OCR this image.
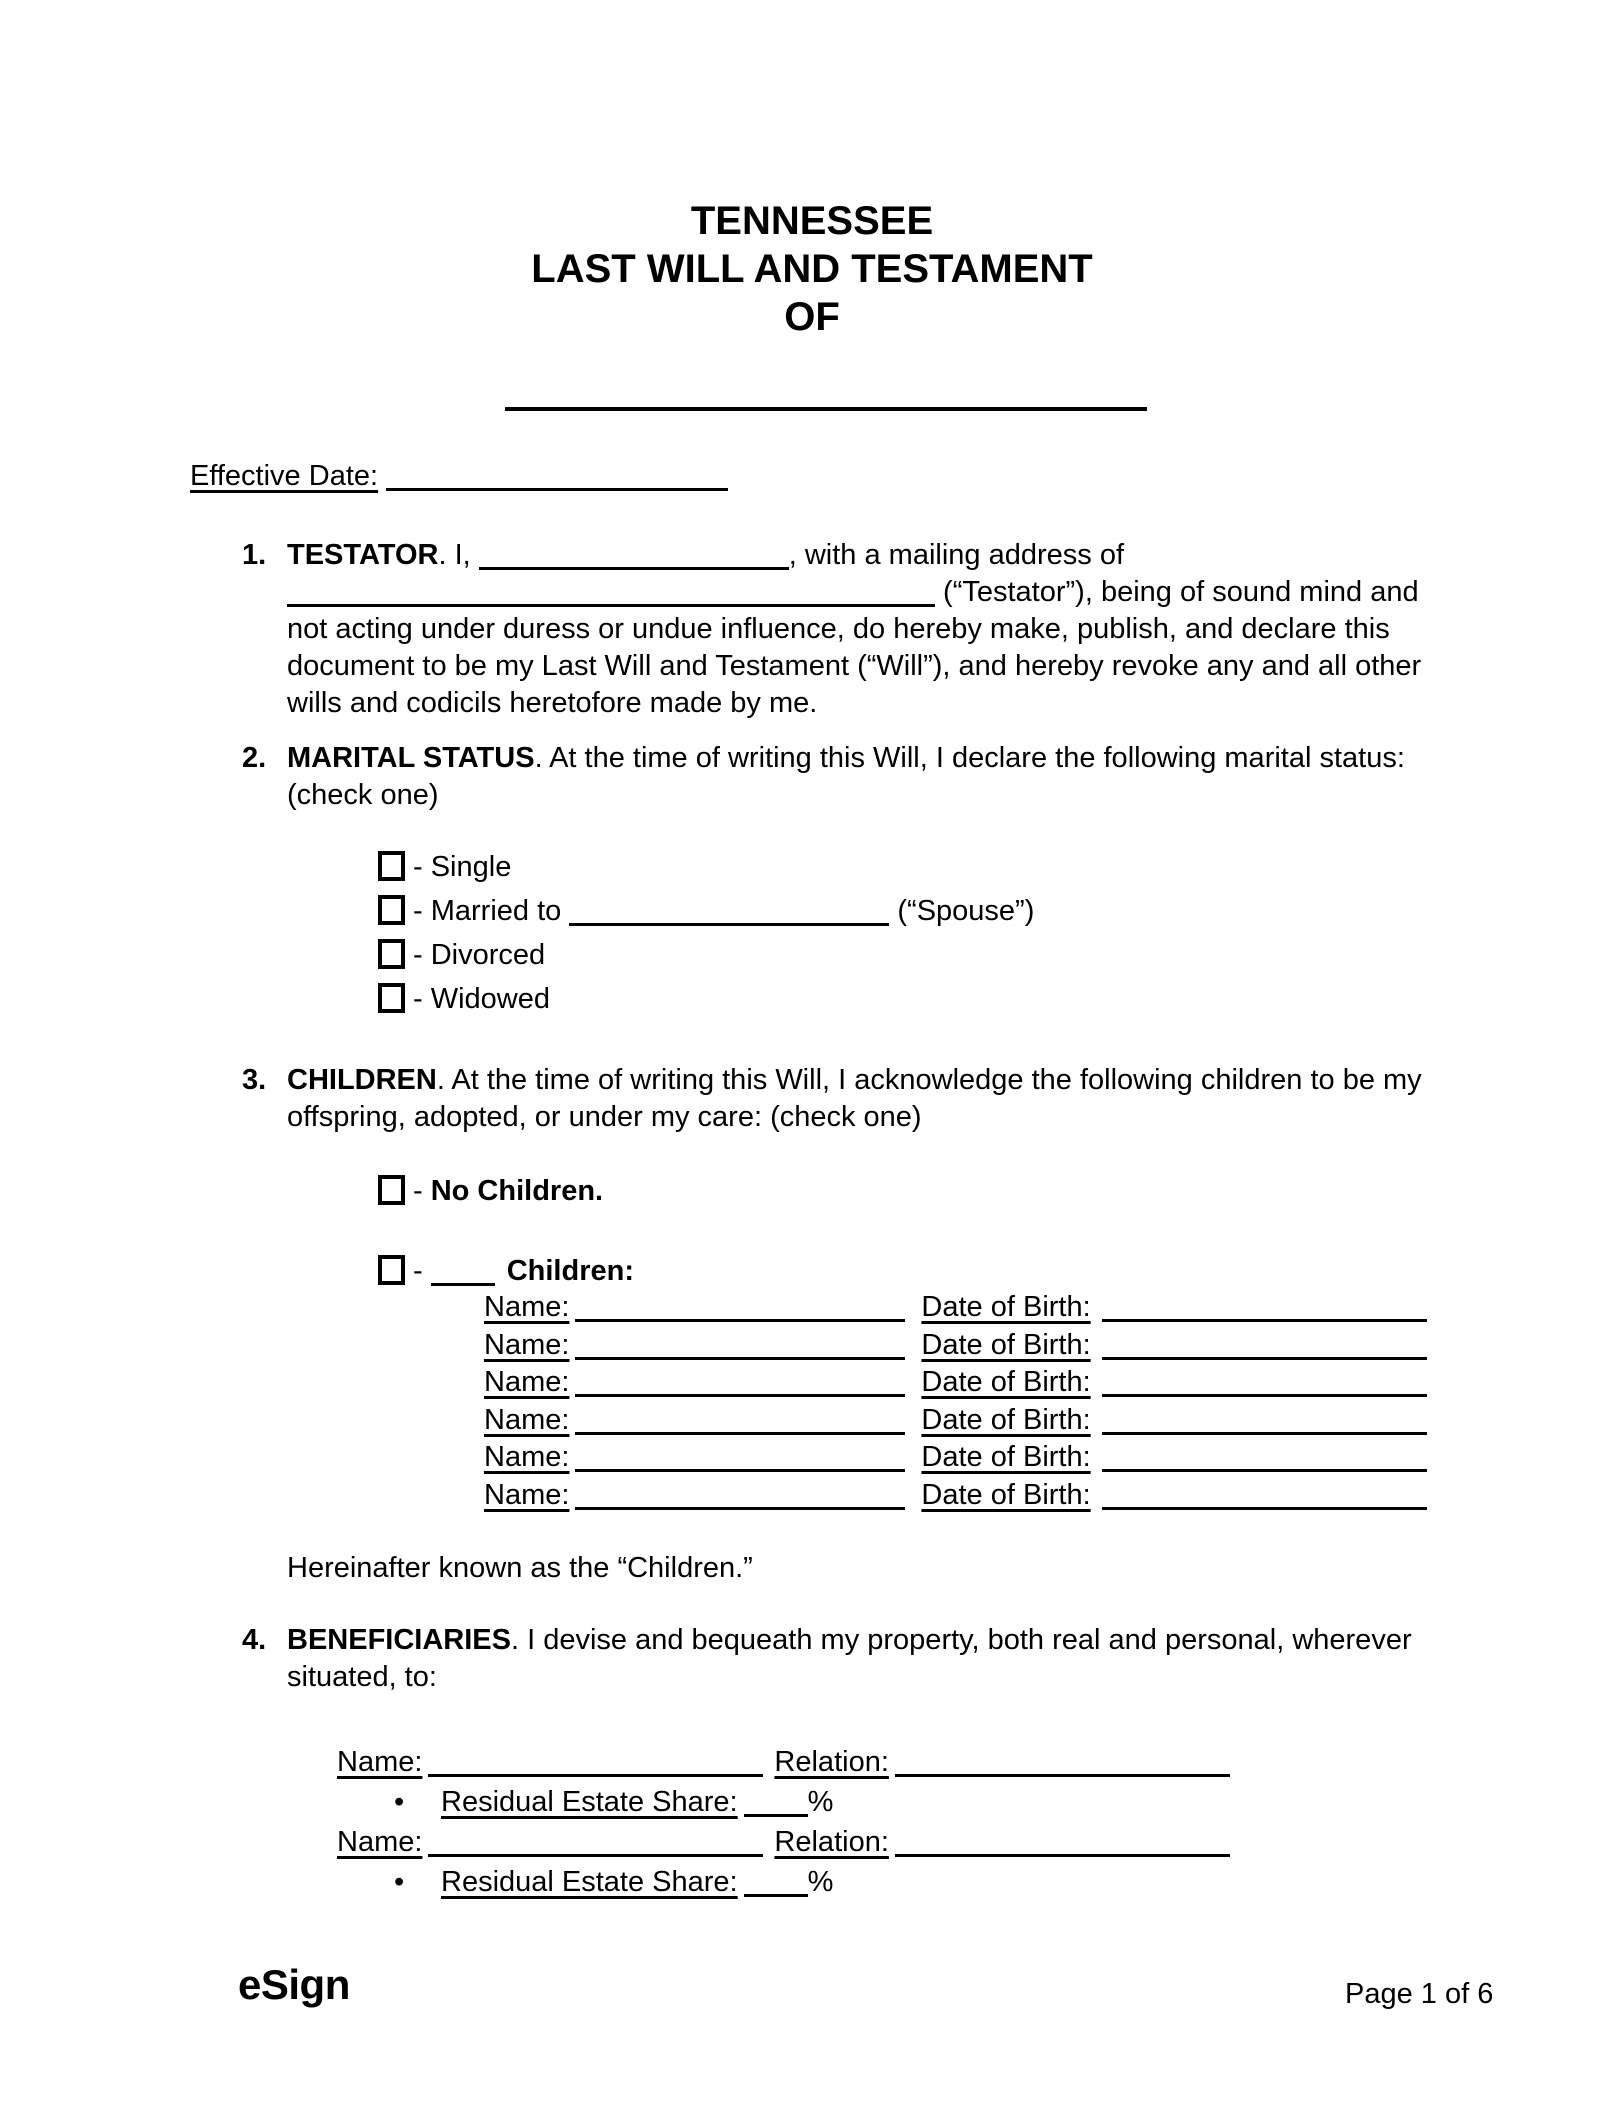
TENNESSEE
LAST WILL AND TESTAMENT
OF
Effective Date:
1. TESTATOR. I,	, with a mailing address of  (“Testator”), being of sound mind and not acting under duress or undue influence, do hereby make, publish, and declare this document to be my Last Will and Testament (“Will”), and hereby revoke any and all other wills and codicils heretofore made by me.
2. MARITAL STATUS. At the time of writing this Will, I declare the following marital status: (check one)
- Single
- Married to	(“Spouse”)
- Divorced
- Widowed
3. CHILDREN. At the time of writing this Will, I acknowledge the following children to be my offspring, adopted, or under my care: (check one)
- No Children.
-	Children:
Name:	Date of Birth:
Name:	Date of Birth:
Name:	Date of Birth:
Name:	Date of Birth:
Name:	Date of Birth:
Name:	Date of Birth:
Hereinafter known as the “Children.”
4. BENEFICIARIES. I devise and bequeath my property, both real and personal, wherever situated, to:
Name:	Relation:
• Residual Estate Share: %
Name:	Relation:
• Residual Estate Share: %
eSign	Page 1 of 6
